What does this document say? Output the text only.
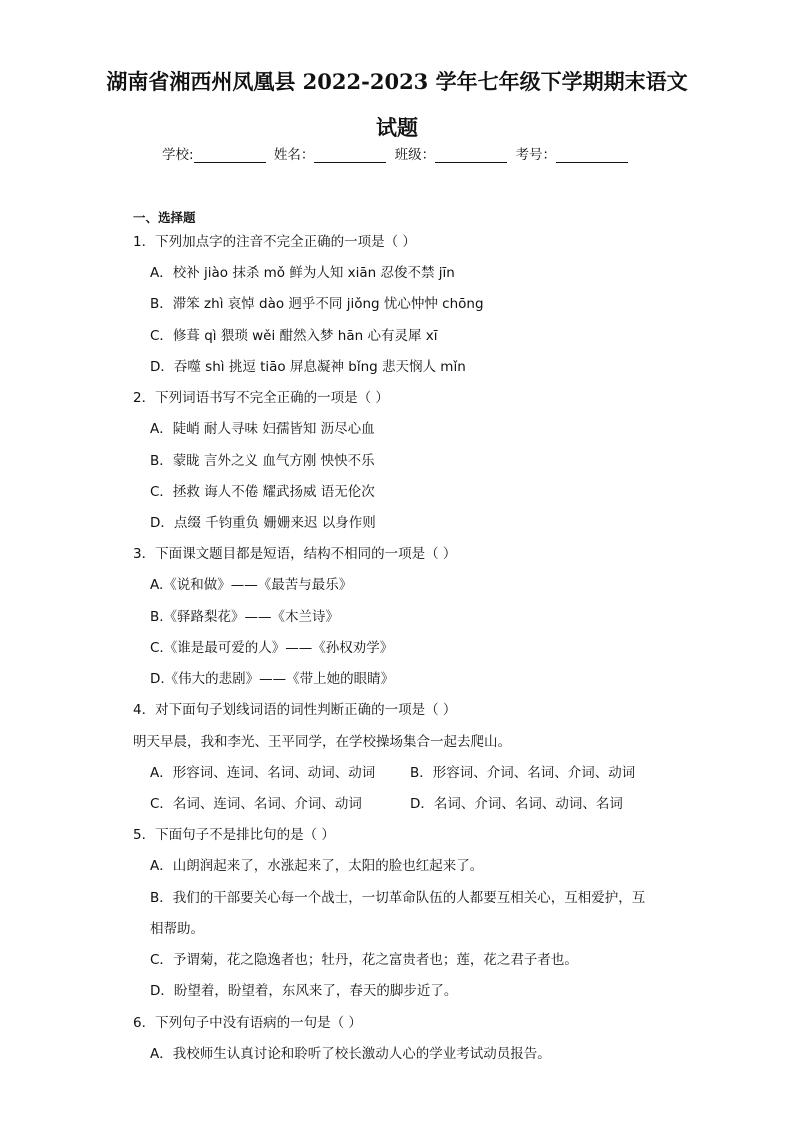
湖南省湘西州凤凰县 2022-2023 学年七年级下学期期末语文
试题
学校:	姓名：	班级：	考号：
一、选择题
1．下列加点字的注音不完全正确的一项是（ ）
A．校补 jiào 抹杀 mǒ 鲜为人知 xiān 忍俊不禁 jīn
B．滞笨 zhì 哀悼 dào 迥乎不同 jiǒng 忧心忡忡 chōng
C．修葺 qì 猥琐 wěi 酣然入梦 hān 心有灵犀 xī
D．吞噬 shì 挑逗 tiāo 屏息凝神 bǐng 悲天悯人 mǐn
2．下列词语书写不完全正确的一项是（ ）
A．陡峭 耐人寻味 妇孺皆知 沥尽心血
B．蒙眬 言外之义 血气方刚 怏怏不乐
C．拯救 诲人不倦 耀武扬威 语无伦次
D．点缀 千钧重负 姗姗来迟 以身作则
3．下面课文题目都是短语，结构不相同的一项是（ ）
A.《说和做》——《最苦与最乐》
B.《驿路梨花》——《木兰诗》
C.《谁是最可爱的人》——《孙权劝学》
D.《伟大的悲剧》——《带上她的眼睛》
4．对下面句子划线词语的词性判断正确的一项是（ ）
明天早晨，我和李光、王平同学，在学校操场集合一起去爬山。
A．形容词、连词、名词、动词、动词	B．形容词、介词、名词、介词、动词
C．名词、连词、名词、介词、动词	D．名词、介词、名词、动词、名词
5．下面句子不是排比句的是（ ）
A．山朗润起来了，水涨起来了，太阳的脸也红起来了。
B．我们的干部要关心每一个战士，一切革命队伍的人都要互相关心，互相爱护，互
相帮助。
C．予谓菊，花之隐逸者也；牡丹，花之富贵者也；莲，花之君子者也。
D．盼望着，盼望着，东风来了，春天的脚步近了。
6．下列句子中没有语病的一句是（ ）
A．我校师生认真讨论和聆听了校长激动人心的学业考试动员报告。
